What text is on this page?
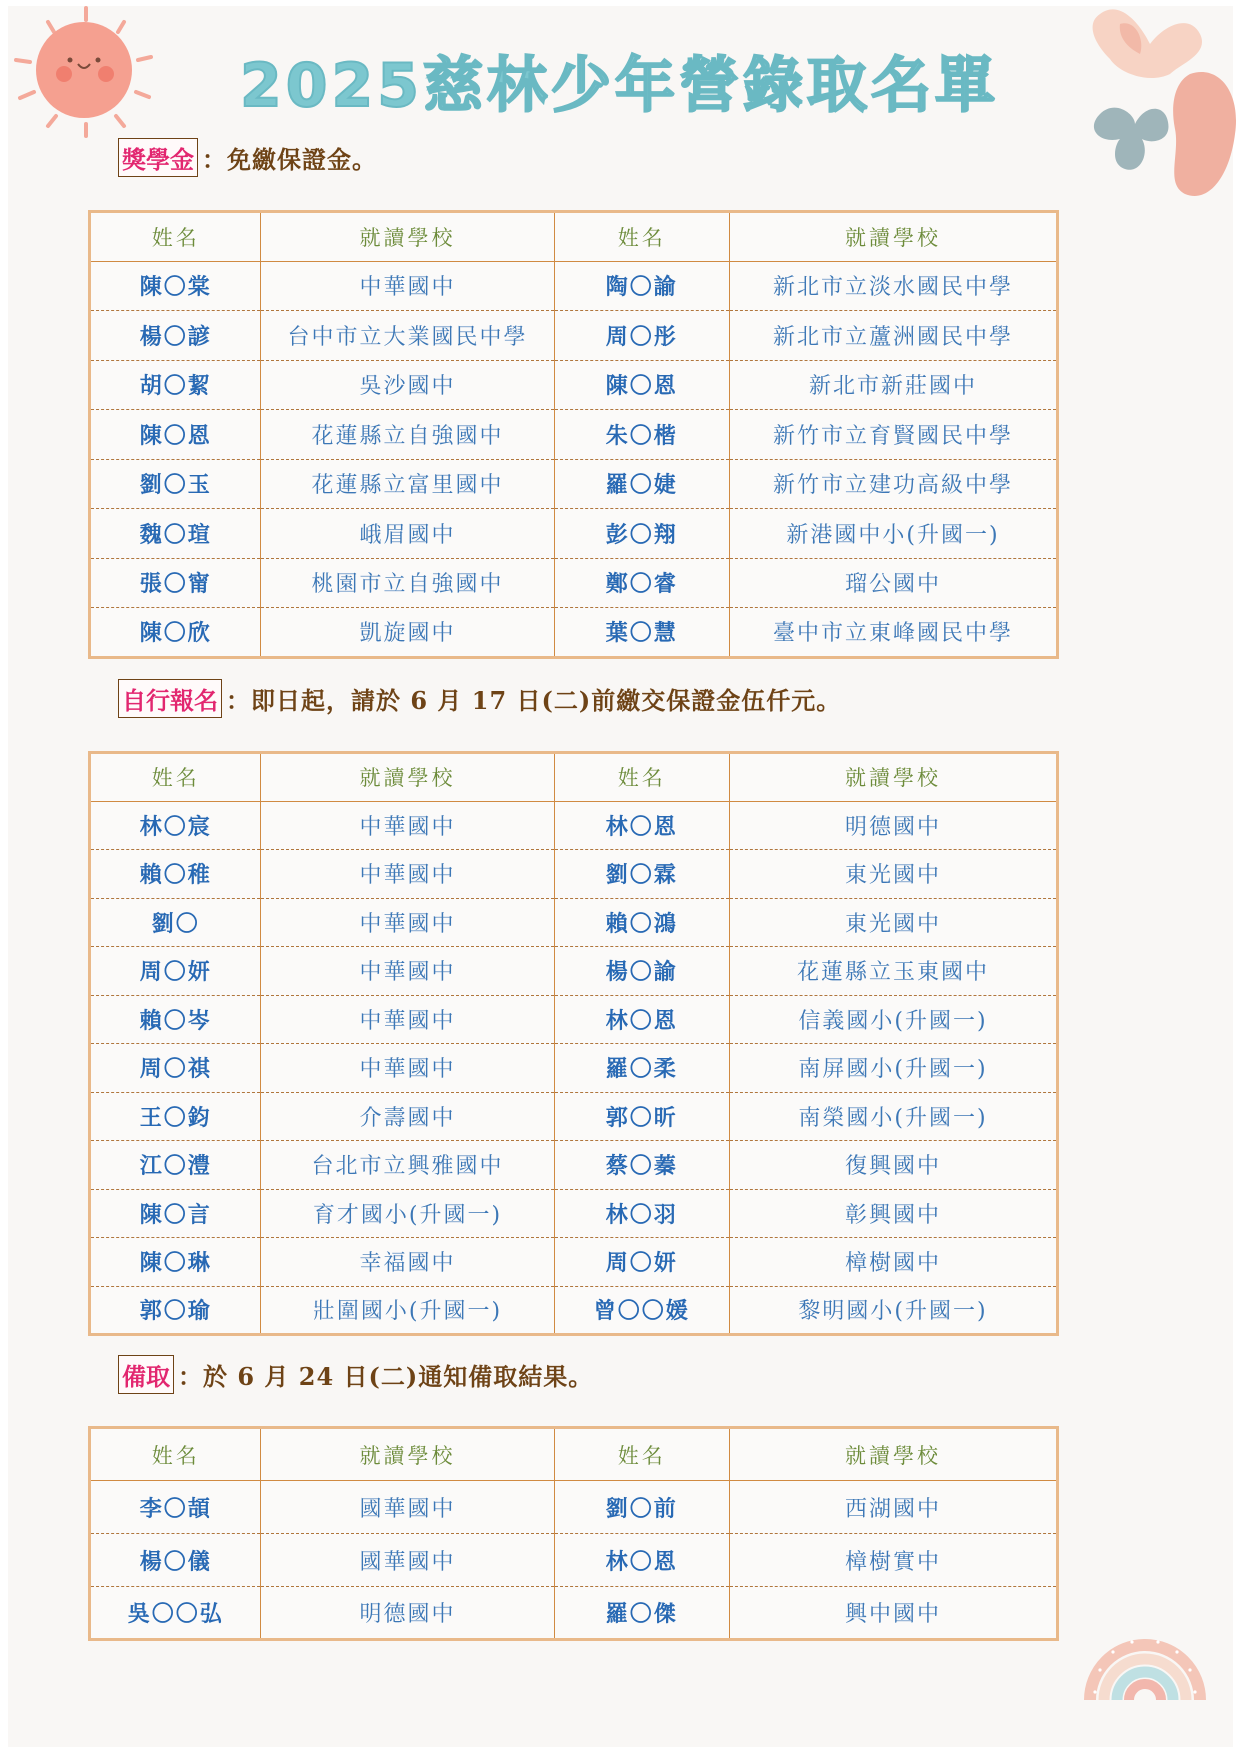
2025慈林少年營錄取名單
獎學金 ：免繳保證金。
姓名	就讀學校	姓名	就讀學校
陳〇棠	中華國中	陶〇諭	新北市立淡水國民中學
楊〇諺	台中市立大業國民中學	周〇彤	新北市立蘆洲國民中學
胡〇絜	吳沙國中	陳〇恩	新北市新莊國中
陳〇恩	花蓮縣立自強國中	朱〇楷	新竹市立育賢國民中學
劉〇玉	花蓮縣立富里國中	羅〇婕	新竹市立建功高級中學
魏〇瑄	峨眉國中	彭〇翔	新港國中小(升國一)
張〇甯	桃園市立自強國中	鄭〇睿	瑠公國中
陳〇欣	凱旋國中	葉〇慧	臺中市立東峰國民中學
自行報名 ：即日起，請於 6 月 17 日(二)前繳交保證金伍仟元。
姓名	就讀學校	姓名	就讀學校
林〇宸	中華國中	林〇恩	明德國中
賴〇稚	中華國中	劉〇霖	東光國中
劉〇	中華國中	賴〇鴻	東光國中
周〇妍	中華國中	楊〇諭	花蓮縣立玉東國中
賴〇岑	中華國中	林〇恩	信義國小(升國一)
周〇祺	中華國中	羅〇柔	南屏國小(升國一)
王〇鈞	介壽國中	郭〇昕	南榮國小(升國一)
江〇澧	台北市立興雅國中	蔡〇蓁	復興國中
陳〇言	育才國小(升國一)	林〇羽	彰興國中
陳〇琳	幸福國中	周〇妍	樟樹國中
郭〇瑜	壯圍國小(升國一)	曾〇〇媛	黎明國小(升國一)
備取 ：於 6 月 24 日(二)通知備取結果。
姓名	就讀學校	姓名	就讀學校
李〇頡	國華國中	劉〇前	西湖國中
楊〇儀	國華國中	林〇恩	樟樹實中
吳〇〇弘	明德國中	羅〇傑	興中國中
